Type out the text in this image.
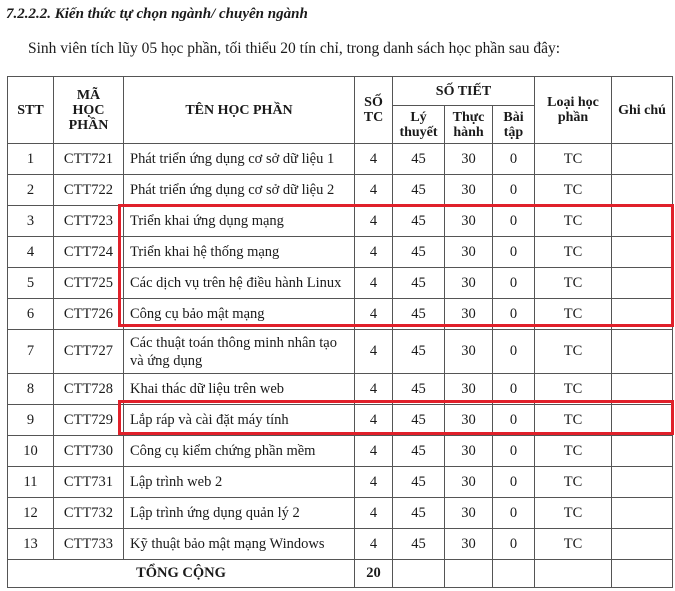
7.2.2.2. Kiến thức tự chọn ngành/ chuyên ngành
Sinh viên tích lũy 05 học phần, tối thiểu 20 tín chỉ, trong danh sách học phần sau đây:
STT	MÃ
HỌC
PHẦN	TÊN HỌC PHẦN	SỐ
TC	SỐ TIẾT			Loại học
phần	Ghi chú
				Lý
thuyết	Thực
hành	Bài
tập		
1	CTT721	Phát triển ứng dụng cơ sở dữ liệu 1	4	45	30	0	TC	
2	CTT722	Phát triển ứng dụng cơ sở dữ liệu 2	4	45	30	0	TC	
3	CTT723	Triển khai ứng dụng mạng	4	45	30	0	TC	
4	CTT724	Triển khai hệ thống mạng	4	45	30	0	TC	
5	CTT725	Các dịch vụ trên hệ điều hành Linux	4	45	30	0	TC	
6	CTT726	Công cụ bảo mật mạng	4	45	30	0	TC	
7	CTT727	Các thuật toán thông minh nhân tạo và ứng dụng	4	45	30	0	TC	
8	CTT728	Khai thác dữ liệu trên web	4	45	30	0	TC	
9	CTT729	Lắp ráp và cài đặt máy tính	4	45	30	0	TC	
10	CTT730	Công cụ kiểm chứng phần mềm	4	45	30	0	TC	
11	CTT731	Lập trình web 2	4	45	30	0	TC	
12	CTT732	Lập trình ứng dụng quản lý 2	4	45	30	0	TC	
13	CTT733	Kỹ thuật bảo mật mạng Windows	4	45	30	0	TC	
TỔNG CỘNG			20					
